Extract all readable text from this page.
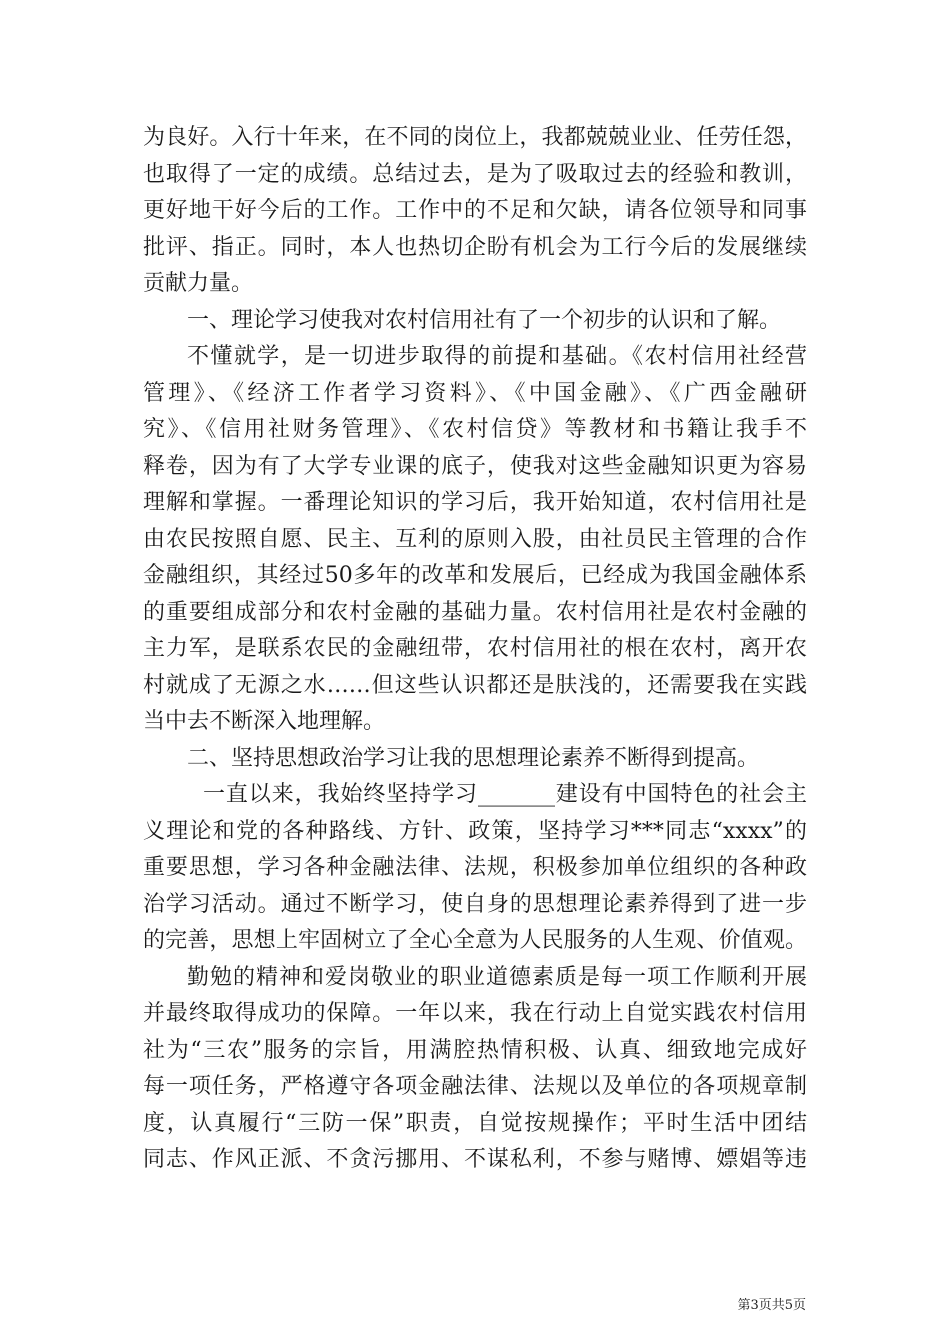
为良好。入行十年来，在不同的岗位上，我都兢兢业业、任劳任怨，
也取得了一定的成绩。总结过去，是为了吸取过去的经验和教训，
更好地干好今后的工作。工作中的不足和欠缺，请各位领导和同事
批评、指正。同时，本人也热切企盼有机会为工行今后的发展继续
贡献力量。
一、理论学习使我对农村信用社有了一个初步的认识和了解。
不懂就学，是一切进步取得的前提和基础。《农村信用社经营
管理》、《经济工作者学习资料》、《中国金融》、《广西金融研
究》、《信用社财务管理》、《农村信贷》等教材和书籍让我手不
释卷，因为有了大学专业课的底子，使我对这些金融知识更为容易
理解和掌握。一番理论知识的学习后，我开始知道，农村信用社是
由农民按照自愿、民主、互利的原则入股，由社员民主管理的合作
金融组织，其经过50多年的改革和发展后，已经成为我国金融体系
的重要组成部分和农村金融的基础力量。农村信用社是农村金融的
主力军，是联系农民的金融纽带，农村信用社的根在农村，离开农
村就成了无源之水……但这些认识都还是肤浅的，还需要我在实践
当中去不断深入地理解。
二、坚持思想政治学习让我的思想理论素养不断得到提高。
一直以来，我始终坚持学习_______建设有中国特色的社会主
义理论和党的各种路线、方针、政策，坚持学习***同志“xxxx”的
重要思想，学习各种金融法律、法规，积极参加单位组织的各种政
治学习活动。通过不断学习，使自身的思想理论素养得到了进一步
的完善，思想上牢固树立了全心全意为人民服务的人生观、价值观。
勤勉的精神和爱岗敬业的职业道德素质是每一项工作顺利开展
并最终取得成功的保障。一年以来，我在行动上自觉实践农村信用
社为“三农”服务的宗旨，用满腔热情积极、认真、细致地完成好
每一项任务，严格遵守各项金融法律、法规以及单位的各项规章制
度，认真履行“三防一保”职责，自觉按规操作；平时生活中团结
同志、作风正派、不贪污挪用、不谋私利，不参与赌博、嫖娼等违
第3页共5页
